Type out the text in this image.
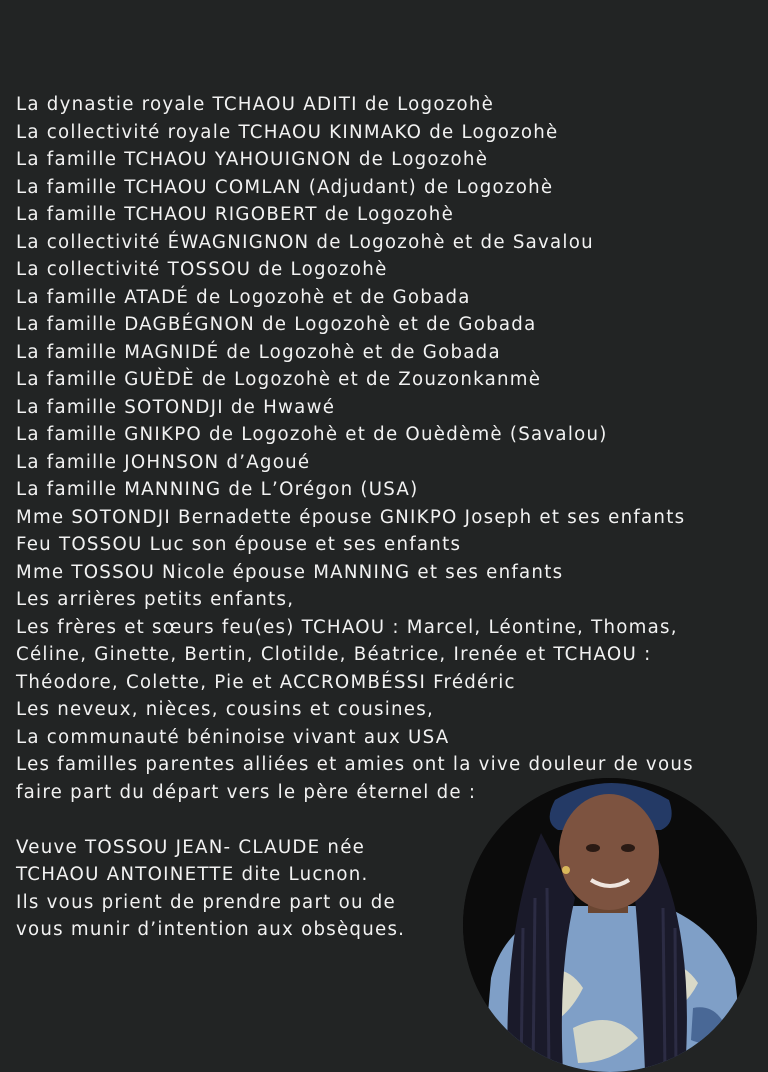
La dynastie royale TCHAOU ADITI de Logozohè
La collectivité royale TCHAOU KINMAKO de Logozohè
La famille TCHAOU YAHOUIGNON de Logozohè
La famille TCHAOU COMLAN (Adjudant) de Logozohè
La famille TCHAOU RIGOBERT de Logozohè
La collectivité ÉWAGNIGNON de Logozohè et de Savalou
La collectivité TOSSOU de Logozohè
La famille ATADÉ de Logozohè et de Gobada
La famille DAGBÉGNON de Logozohè et de Gobada
La famille MAGNIDÉ de Logozohè et de Gobada
La famille GUÈDÈ de Logozohè et de Zouzonkanmè
La famille SOTONDJI de Hwawé
La famille GNIKPO de Logozohè et de Ouèdèmè (Savalou)
La famille JOHNSON d’Agoué
La famille MANNING de L’Orégon (USA)
Mme SOTONDJI Bernadette épouse GNIKPO Joseph et ses enfants
Feu TOSSOU Luc son épouse et ses enfants
Mme TOSSOU Nicole épouse MANNING et ses enfants
Les arrières petits enfants,
Les frères et sœurs feu(es) TCHAOU : Marcel, Léontine, Thomas,
Céline, Ginette, Bertin, Clotilde, Béatrice, Irenée et TCHAOU :
Théodore, Colette, Pie et ACCROMBÉSSI Frédéric
Les neveux, nièces, cousins et cousines,
La communauté béninoise vivant aux USA
Les familles parentes alliées et amies ont la vive douleur de vous
faire part du départ vers le père éternel de :
Veuve TOSSOU JEAN- CLAUDE née
TCHAOU ANTOINETTE dite Lucnon.
Ils vous prient de prendre part ou de
vous munir d’intention aux obsèques.
